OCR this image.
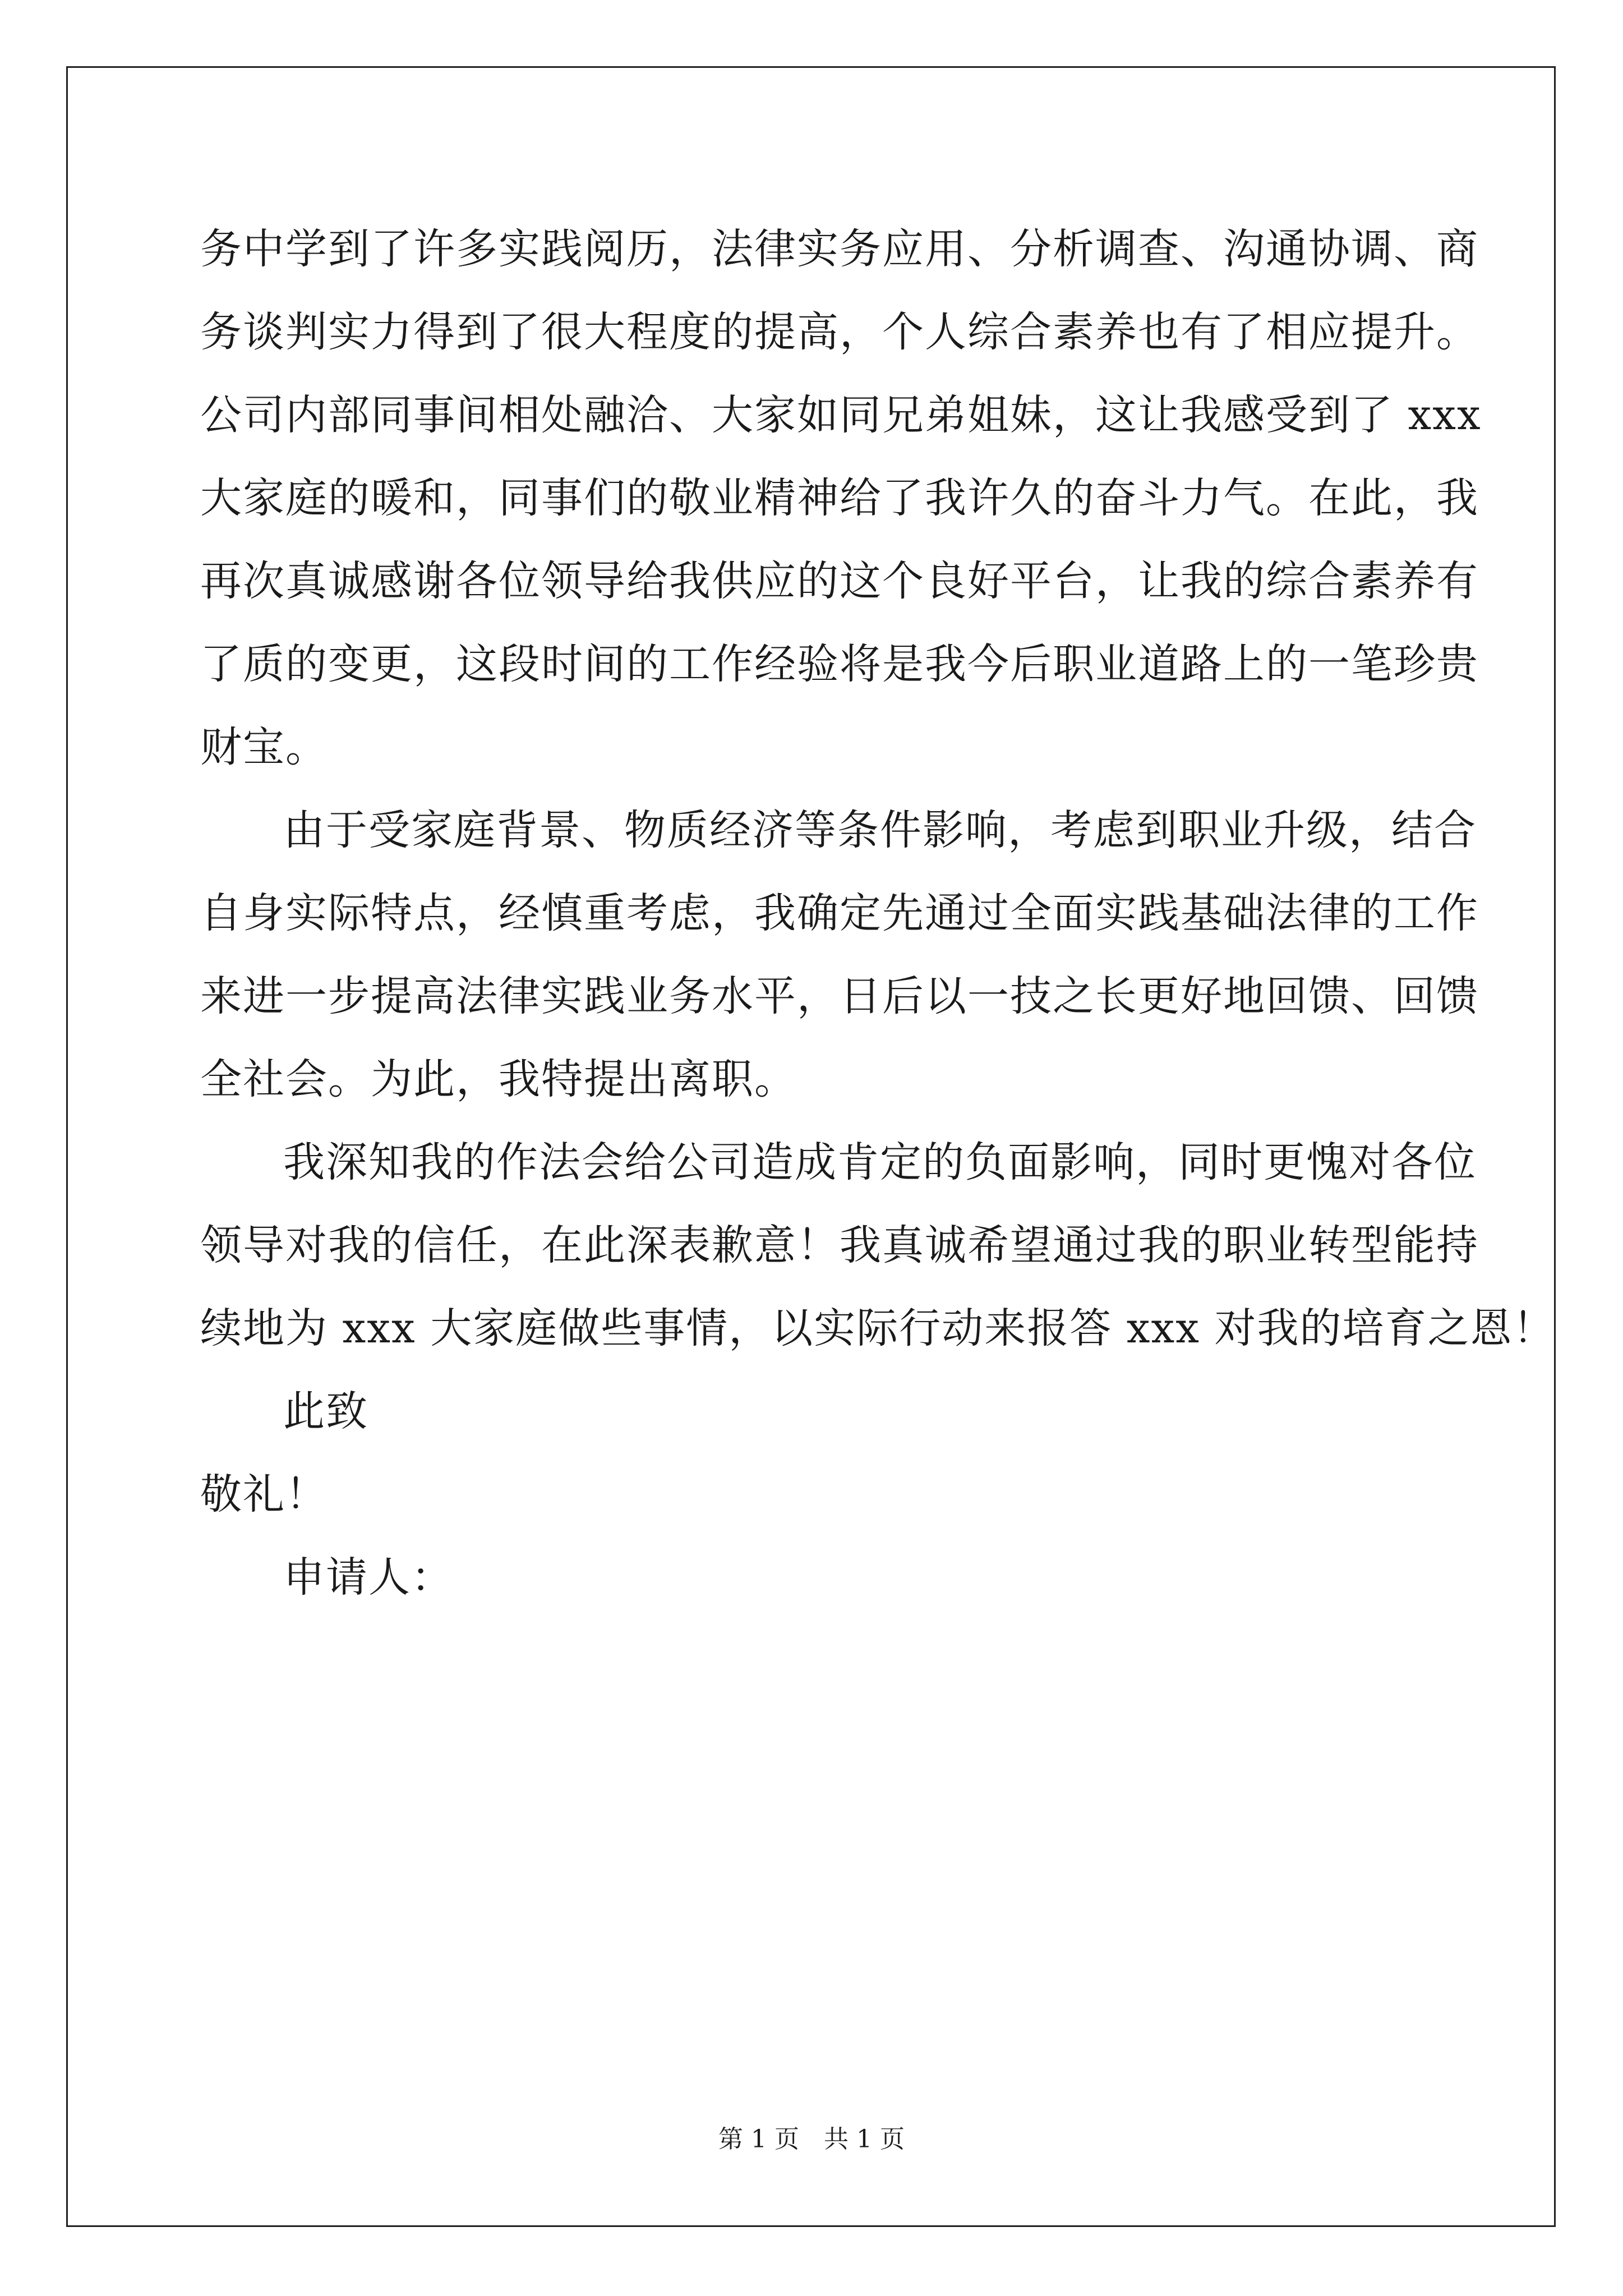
务中学到了许多实践阅历，法律实务应用、分析调查、沟通协调、商
务谈判实力得到了很大程度的提高，个人综合素养也有了相应提升。
公司内部同事间相处融洽、大家如同兄弟姐妹，这让我感受到了 xxx
大家庭的暖和，同事们的敬业精神给了我许久的奋斗力气。在此，我
再次真诚感谢各位领导给我供应的这个良好平台，让我的综合素养有
了质的变更，这段时间的工作经验将是我今后职业道路上的一笔珍贵
财宝。
由于受家庭背景、物质经济等条件影响，考虑到职业升级，结合
自身实际特点，经慎重考虑，我确定先通过全面实践基础法律的工作
来进一步提高法律实践业务水平，日后以一技之长更好地回馈、回馈
全社会。为此，我特提出离职。
我深知我的作法会给公司造成肯定的负面影响，同时更愧对各位
领导对我的信任，在此深表歉意！我真诚希望通过我的职业转型能持
续地为 xxx 大家庭做些事情，以实际行动来报答 xxx 对我的培育之恩！
此致
敬礼！
申请人：
第 1 页　共 1 页
